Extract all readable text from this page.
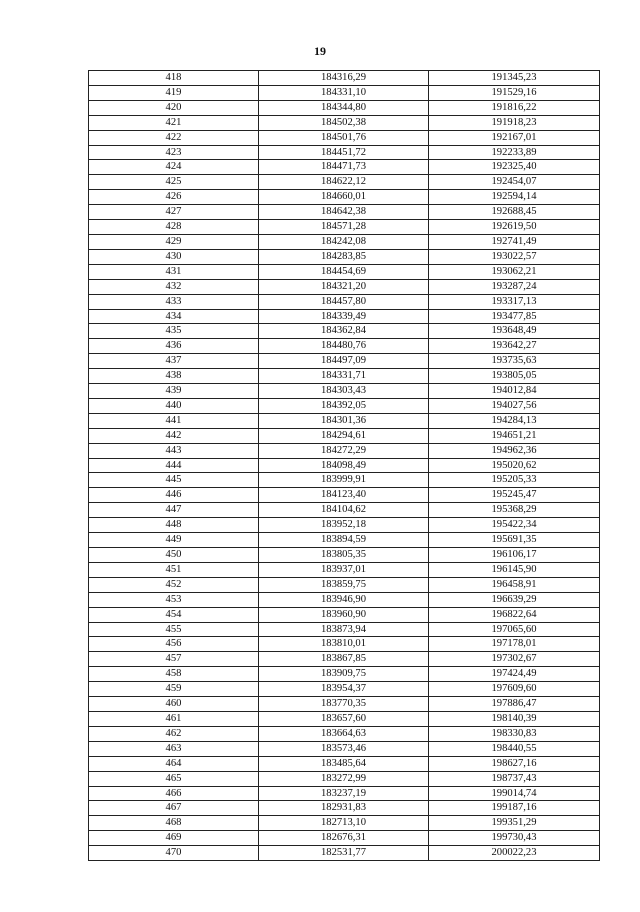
19
418	184316,29	191345,23
419	184331,10	191529,16
420	184344,80	191816,22
421	184502,38	191918,23
422	184501,76	192167,01
423	184451,72	192233,89
424	184471,73	192325,40
425	184622,12	192454,07
426	184660,01	192594,14
427	184642,38	192688,45
428	184571,28	192619,50
429	184242,08	192741,49
430	184283,85	193022,57
431	184454,69	193062,21
432	184321,20	193287,24
433	184457,80	193317,13
434	184339,49	193477,85
435	184362,84	193648,49
436	184480,76	193642,27
437	184497,09	193735,63
438	184331,71	193805,05
439	184303,43	194012,84
440	184392,05	194027,56
441	184301,36	194284,13
442	184294,61	194651,21
443	184272,29	194962,36
444	184098,49	195020,62
445	183999,91	195205,33
446	184123,40	195245,47
447	184104,62	195368,29
448	183952,18	195422,34
449	183894,59	195691,35
450	183805,35	196106,17
451	183937,01	196145,90
452	183859,75	196458,91
453	183946,90	196639,29
454	183960,90	196822,64
455	183873,94	197065,60
456	183810,01	197178,01
457	183867,85	197302,67
458	183909,75	197424,49
459	183954,37	197609,60
460	183770,35	197886,47
461	183657,60	198140,39
462	183664,63	198330,83
463	183573,46	198440,55
464	183485,64	198627,16
465	183272,99	198737,43
466	183237,19	199014,74
467	182931,83	199187,16
468	182713,10	199351,29
469	182676,31	199730,43
470	182531,77	200022,23
